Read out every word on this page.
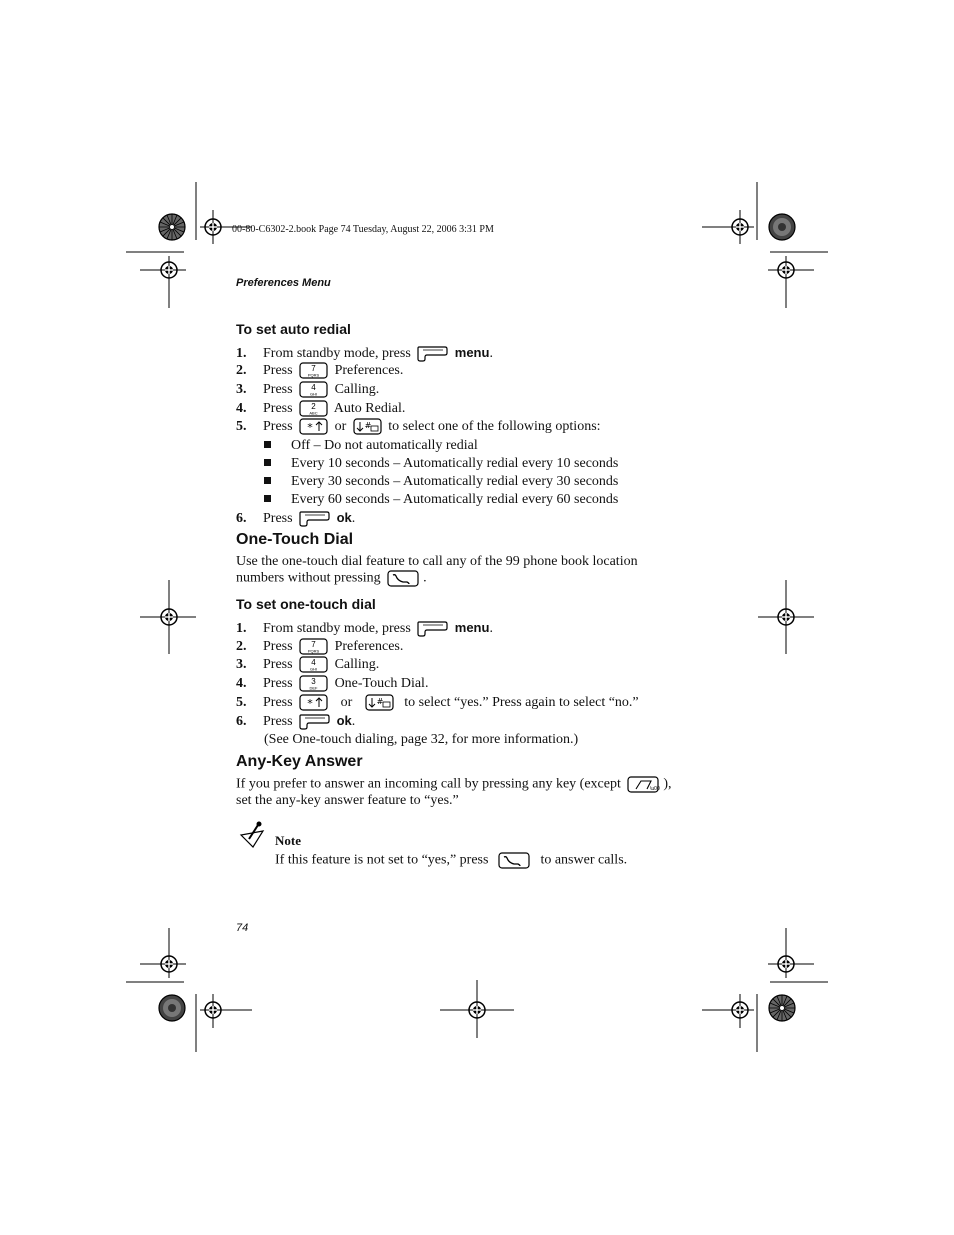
00-80-C6302-2.book Page 74 Tuesday, August 22, 2006 3:31 PM
Preferences Menu
To set auto redial
1. From standby mode, press	menu.
2. Press 7
PQRS Preferences.
3. Press 4
GHI Calling.
4. Press 2
ABC Auto Redial.
5. Press * or # to select one of the following options:
Off – Do not automatically redial
Every 10 seconds – Automatically redial every 10 seconds
Every 30 seconds – Automatically redial every 30 seconds
Every 60 seconds – Automatically redial every 60 seconds
6. Press	ok.
One-Touch Dial
Use the one-touch dial feature to call any of the 99 phone book location
numbers without pressing	.
To set one-touch dial
1. From standby mode, press	menu.
2. Press 7
PQRS Preferences.
3. Press 4
GHI Calling.
4. Press 3
DEF One-Touch Dial.
5. Press * or	# to select “yes.” Press again to select “no.”
6. Press	ok.
(See One-touch dialing, page 32, for more information.)
Any-Key Answer
If you prefer to answer an incoming call by pressing any key (except	),
set the any-key answer feature to “yes.”
Note
If this feature is not set to “yes,” press	to answer calls.
74
